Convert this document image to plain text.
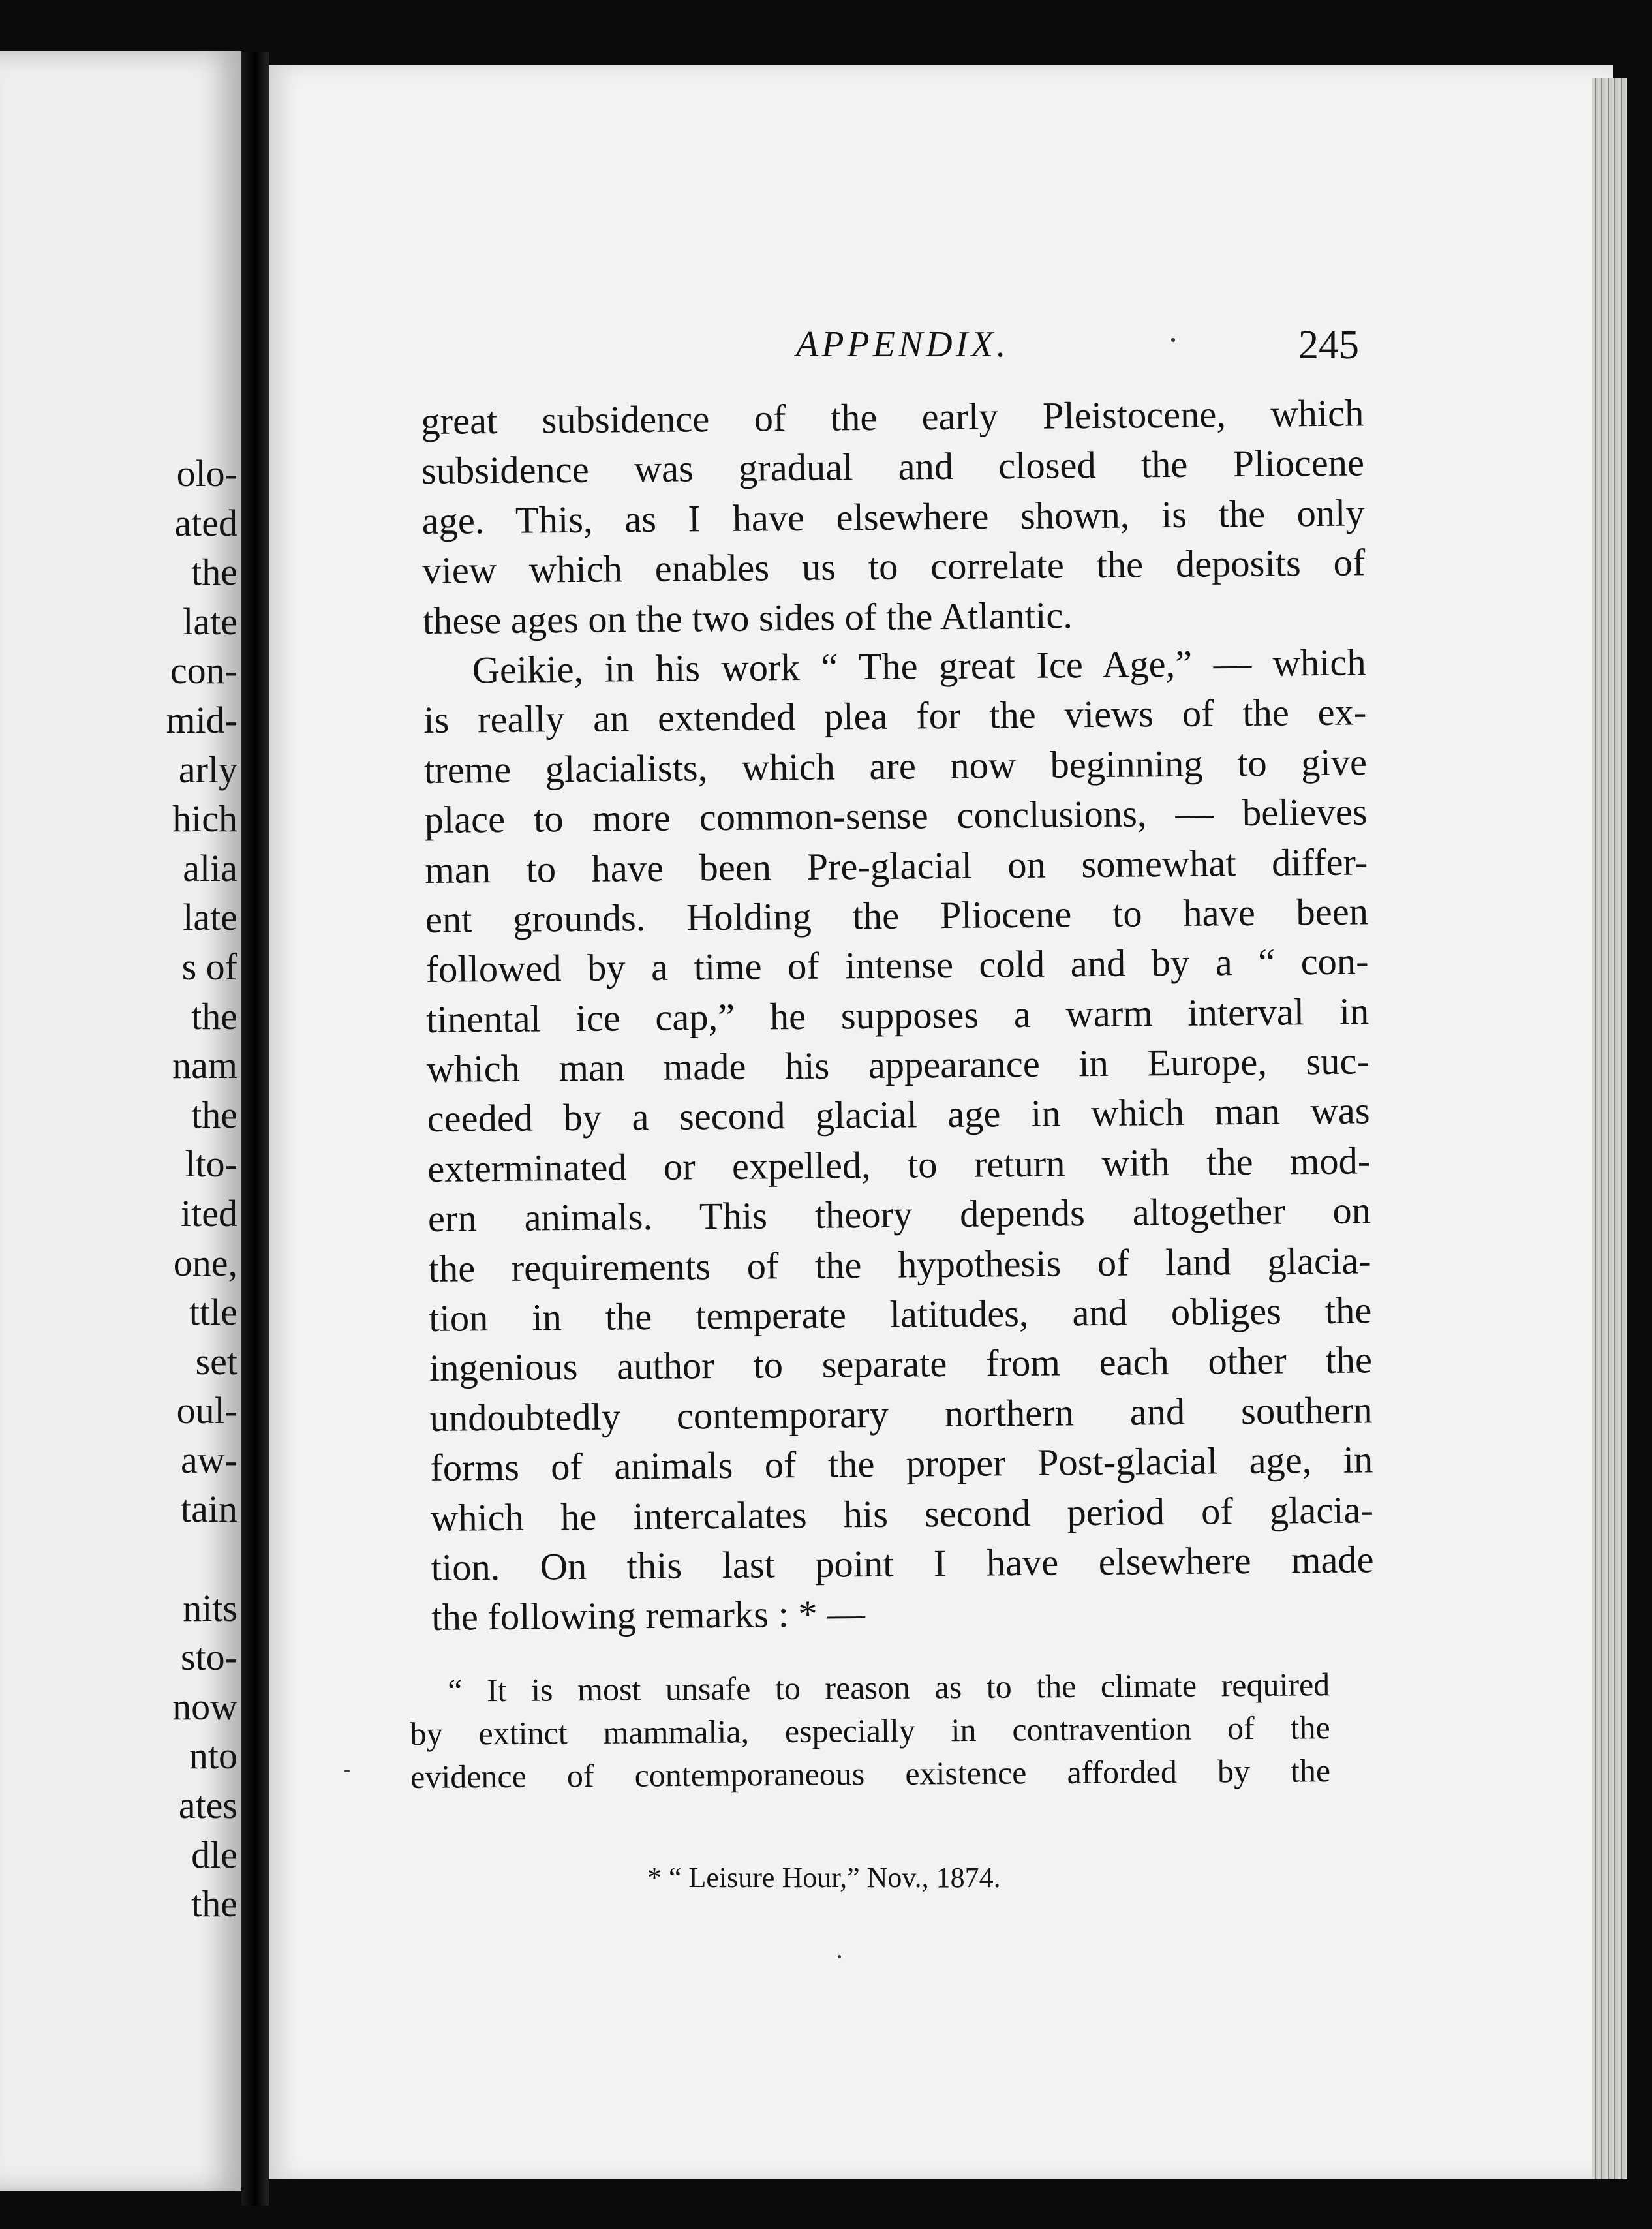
olo-
ated
the
late
con-
mid-
arly
hich
alia
late
s of
the
nam
the
lto-
ited
one,
ttle
set
oul-
aw-
tain
nits
sto-
now
nto
ates
dle
the
APPENDIX.	245
great subsidence of the early Pleistocene, which
subsidence was gradual and closed the Pliocene
age. This, as I have elsewhere shown, is the only
view which enables us to correlate the deposits of
these ages on the two sides of the Atlantic.
Geikie, in his work “ The great Ice Age,” — which
is really an extended plea for the views of the ex-
treme glacialists, which are now beginning to give
place to more common-sense conclusions, — believes
man to have been Pre-glacial on somewhat differ-
ent grounds. Holding the Pliocene to have been
followed by a time of intense cold and by a “ con-
tinental ice cap,” he supposes a warm interval in
which man made his appearance in Europe, suc-
ceeded by a second glacial age in which man was
exterminated or expelled, to return with the mod-
ern animals. This theory depends altogether on
the requirements of the hypothesis of land glacia-
tion in the temperate latitudes, and obliges the
ingenious author to separate from each other the
undoubtedly contemporary northern and southern
forms of animals of the proper Post-glacial age, in
which he intercalates his second period of glacia-
tion. On this last point I have elsewhere made
the following remarks : * —
“ It is most unsafe to reason as to the climate required
by extinct mammalia, especially in contravention of the
evidence of contemporaneous existence afforded by the
* “ Leisure Hour,” Nov., 1874.
